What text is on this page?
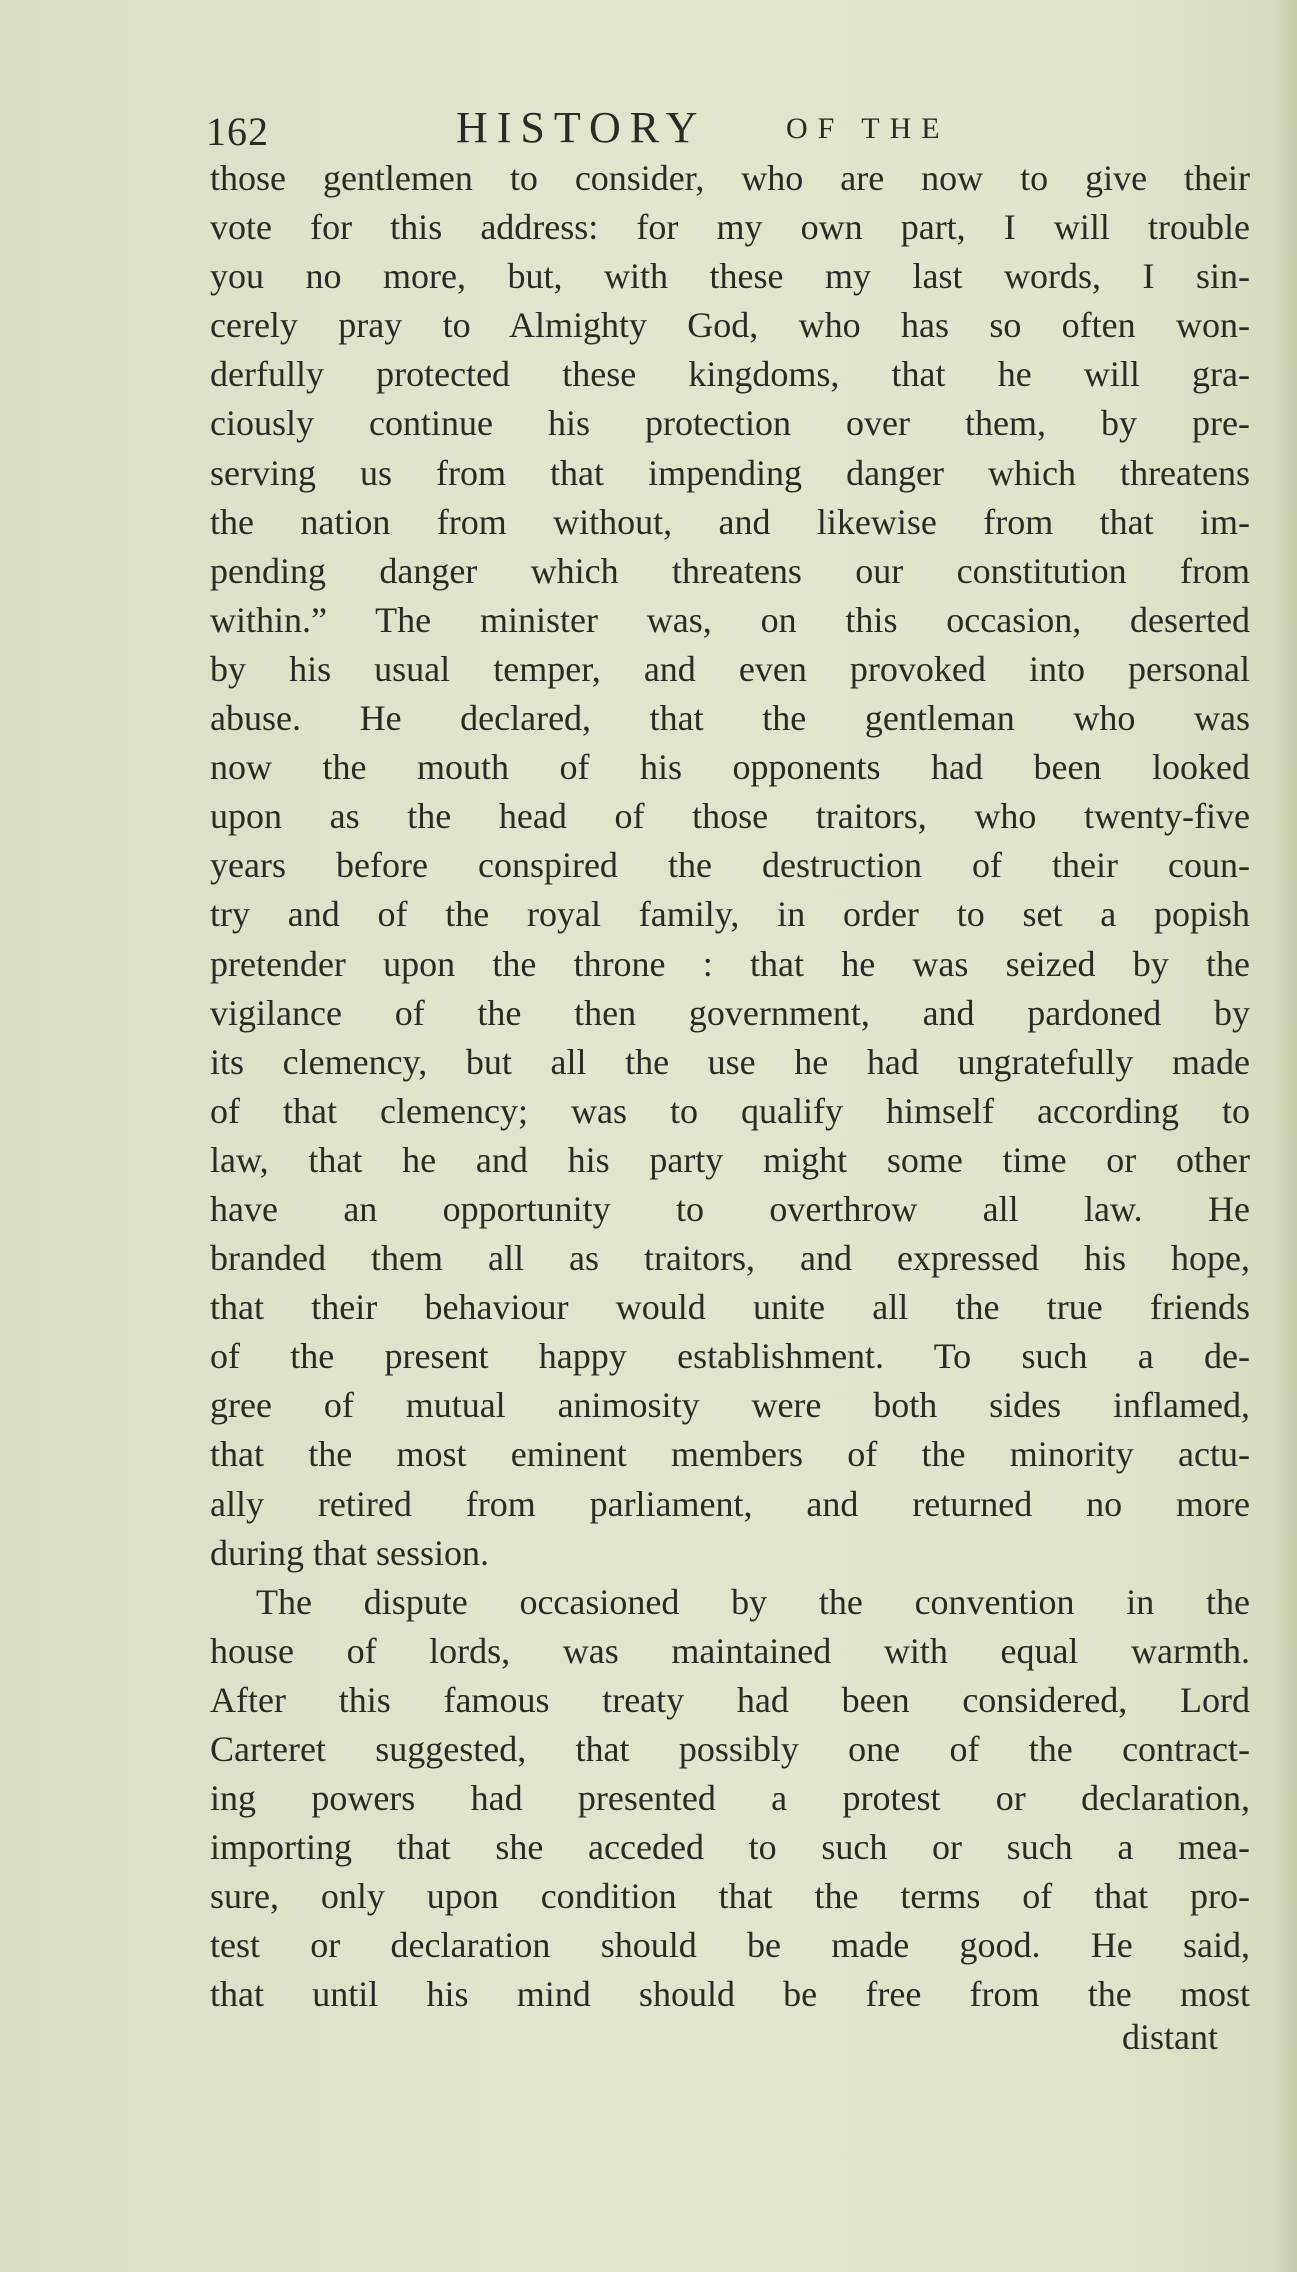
162	HISTORY	OF THE
those gentlemen to consider, who are now to give their
vote for this address: for my own part, I will trouble
you no more, but, with these my last words, I sin-
cerely pray to Almighty God, who has so often won-
derfully protected these kingdoms, that he will gra-
ciously continue his protection over them, by pre-
serving us from that impending danger which threatens
the nation from without, and likewise from that im-
pending danger which threatens our constitution from
within.” The minister was, on this occasion, deserted
by his usual temper, and even provoked into personal
abuse. He declared, that the gentleman who was
now the mouth of his opponents had been looked
upon as the head of those traitors, who twenty-five
years before conspired the destruction of their coun-
try and of the royal family, in order to set a popish
pretender upon the throne : that he was seized by the
vigilance of the then government, and pardoned by
its clemency, but all the use he had ungratefully made
of that clemency; was to qualify himself according to
law, that he and his party might some time or other
have an opportunity to overthrow all law. He
branded them all as traitors, and expressed his hope,
that their behaviour would unite all the true friends
of the present happy establishment. To such a de-
gree of mutual animosity were both sides inflamed,
that the most eminent members of the minority actu-
ally retired from parliament, and returned no more
during that session.
The dispute occasioned by the convention in the
house of lords, was maintained with equal warmth.
After this famous treaty had been considered, Lord
Carteret suggested, that possibly one of the contract-
ing powers had presented a protest or declaration,
importing that she acceded to such or such a mea-
sure, only upon condition that the terms of that pro-
test or declaration should be made good. He said,
that until his mind should be free from the most
distant
